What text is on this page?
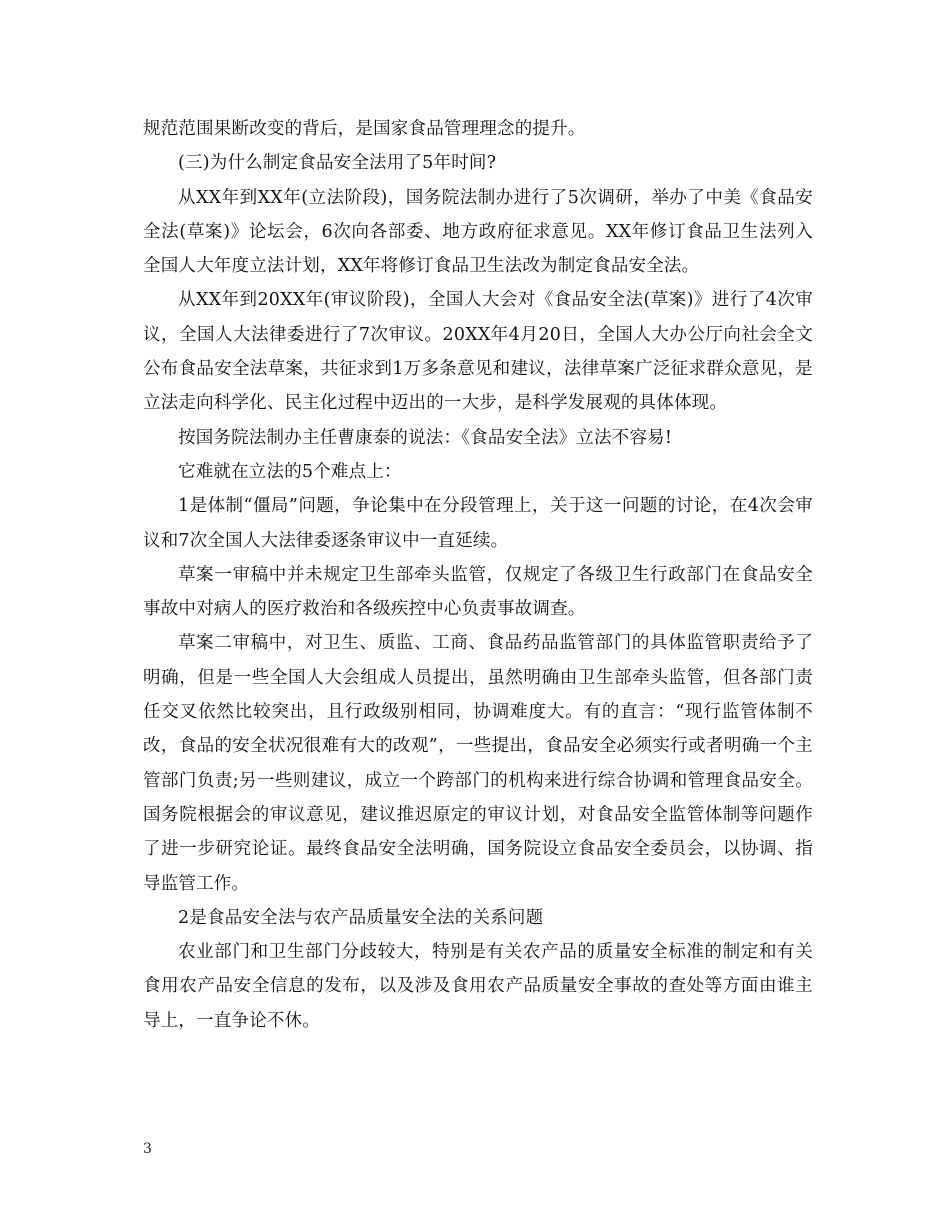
规范范围果断改变的背后，是国家食品管理理念的提升。

(三)为什么制定食品安全法用了5年时间?

从XX年到XX年(立法阶段)，国务院法制办进行了5次调研，举办了中美《食品安全法(草案)》论坛会，6次向各部委、地方政府征求意见。XX年修订食品卫生法列入全国人大年度立法计划，XX年将修订食品卫生法改为制定食品安全法。

从XX年到20XX年(审议阶段)，全国人大会对《食品安全法(草案)》进行了4次审议，全国人大法律委进行了7次审议。20XX年4月20日，全国人大办公厅向社会全文公布食品安全法草案，共征求到1万多条意见和建议，法律草案广泛征求群众意见，是立法走向科学化、民主化过程中迈出的一大步，是科学发展观的具体体现。

按国务院法制办主任曹康泰的说法：《食品安全法》立法不容易!

它难就在立法的5个难点上：

1是体制“僵局”问题，争论集中在分段管理上，关于这一问题的讨论，在4次会审议和7次全国人大法律委逐条审议中一直延续。

草案一审稿中并未规定卫生部牵头监管，仅规定了各级卫生行政部门在食品安全事故中对病人的医疗救治和各级疾控中心负责事故调查。

草案二审稿中，对卫生、质监、工商、食品药品监管部门的具体监管职责给予了明确，但是一些全国人大会组成人员提出，虽然明确由卫生部牵头监管，但各部门责任交叉依然比较突出，且行政级别相同，协调难度大。有的直言：“现行监管体制不改，食品的安全状况很难有大的改观”，一些提出，食品安全必须实行或者明确一个主管部门负责;另一些则建议，成立一个跨部门的机构来进行综合协调和管理食品安全。国务院根据会的审议意见，建议推迟原定的审议计划，对食品安全监管体制等问题作了进一步研究论证。最终食品安全法明确，国务院设立食品安全委员会，以协调、指导监管工作。

2是食品安全法与农产品质量安全法的关系问题

农业部门和卫生部门分歧较大，特别是有关农产品的质量安全标准的制定和有关食用农产品安全信息的发布，以及涉及食用农产品质量安全事故的查处等方面由谁主导上，一直争论不休。

3
